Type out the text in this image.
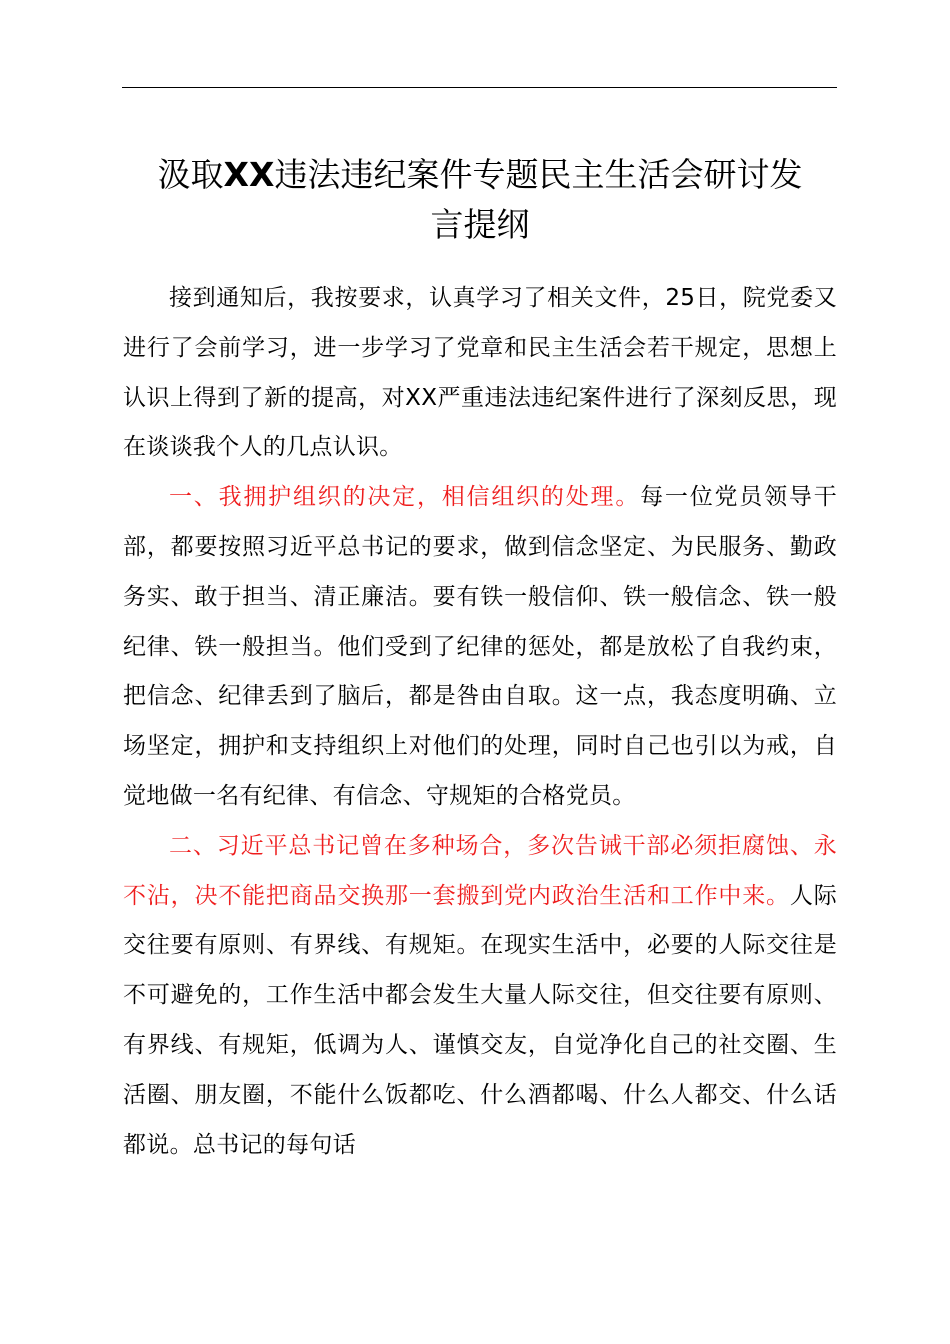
汲取XX违法违纪案件专题民主生活会研讨发
言提纲

接到通知后，我按要求，认真学习了相关文件，25日，院党委又进行了会前学习，进一步学习了党章和民主生活会若干规定，思想上认识上得到了新的提高，对XX严重违法违纪案件进行了深刻反思，现在谈谈我个人的几点认识。

一、我拥护组织的决定，相信组织的处理。每一位党员领导干部，都要按照习近平总书记的要求，做到信念坚定、为民服务、勤政务实、敢于担当、清正廉洁。要有铁一般信仰、铁一般信念、铁一般纪律、铁一般担当。他们受到了纪律的惩处，都是放松了自我约束，把信念、纪律丢到了脑后，都是咎由自取。这一点，我态度明确、立场坚定，拥护和支持组织上对他们的处理，同时自己也引以为戒，自觉地做一名有纪律、有信念、守规矩的合格党员。

二、习近平总书记曾在多种场合，多次告诫干部必须拒腐蚀、永不沾，决不能把商品交换那一套搬到党内政治生活和工作中来。人际交往要有原则、有界线、有规矩。在现实生活中，必要的人际交往是不可避免的，工作生活中都会发生大量人际交往，但交往要有原则、有界线、有规矩，低调为人、谨慎交友，自觉净化自己的社交圈、生活圈、朋友圈，不能什么饭都吃、什么酒都喝、什么人都交、什么话都说。总书记的每句话
